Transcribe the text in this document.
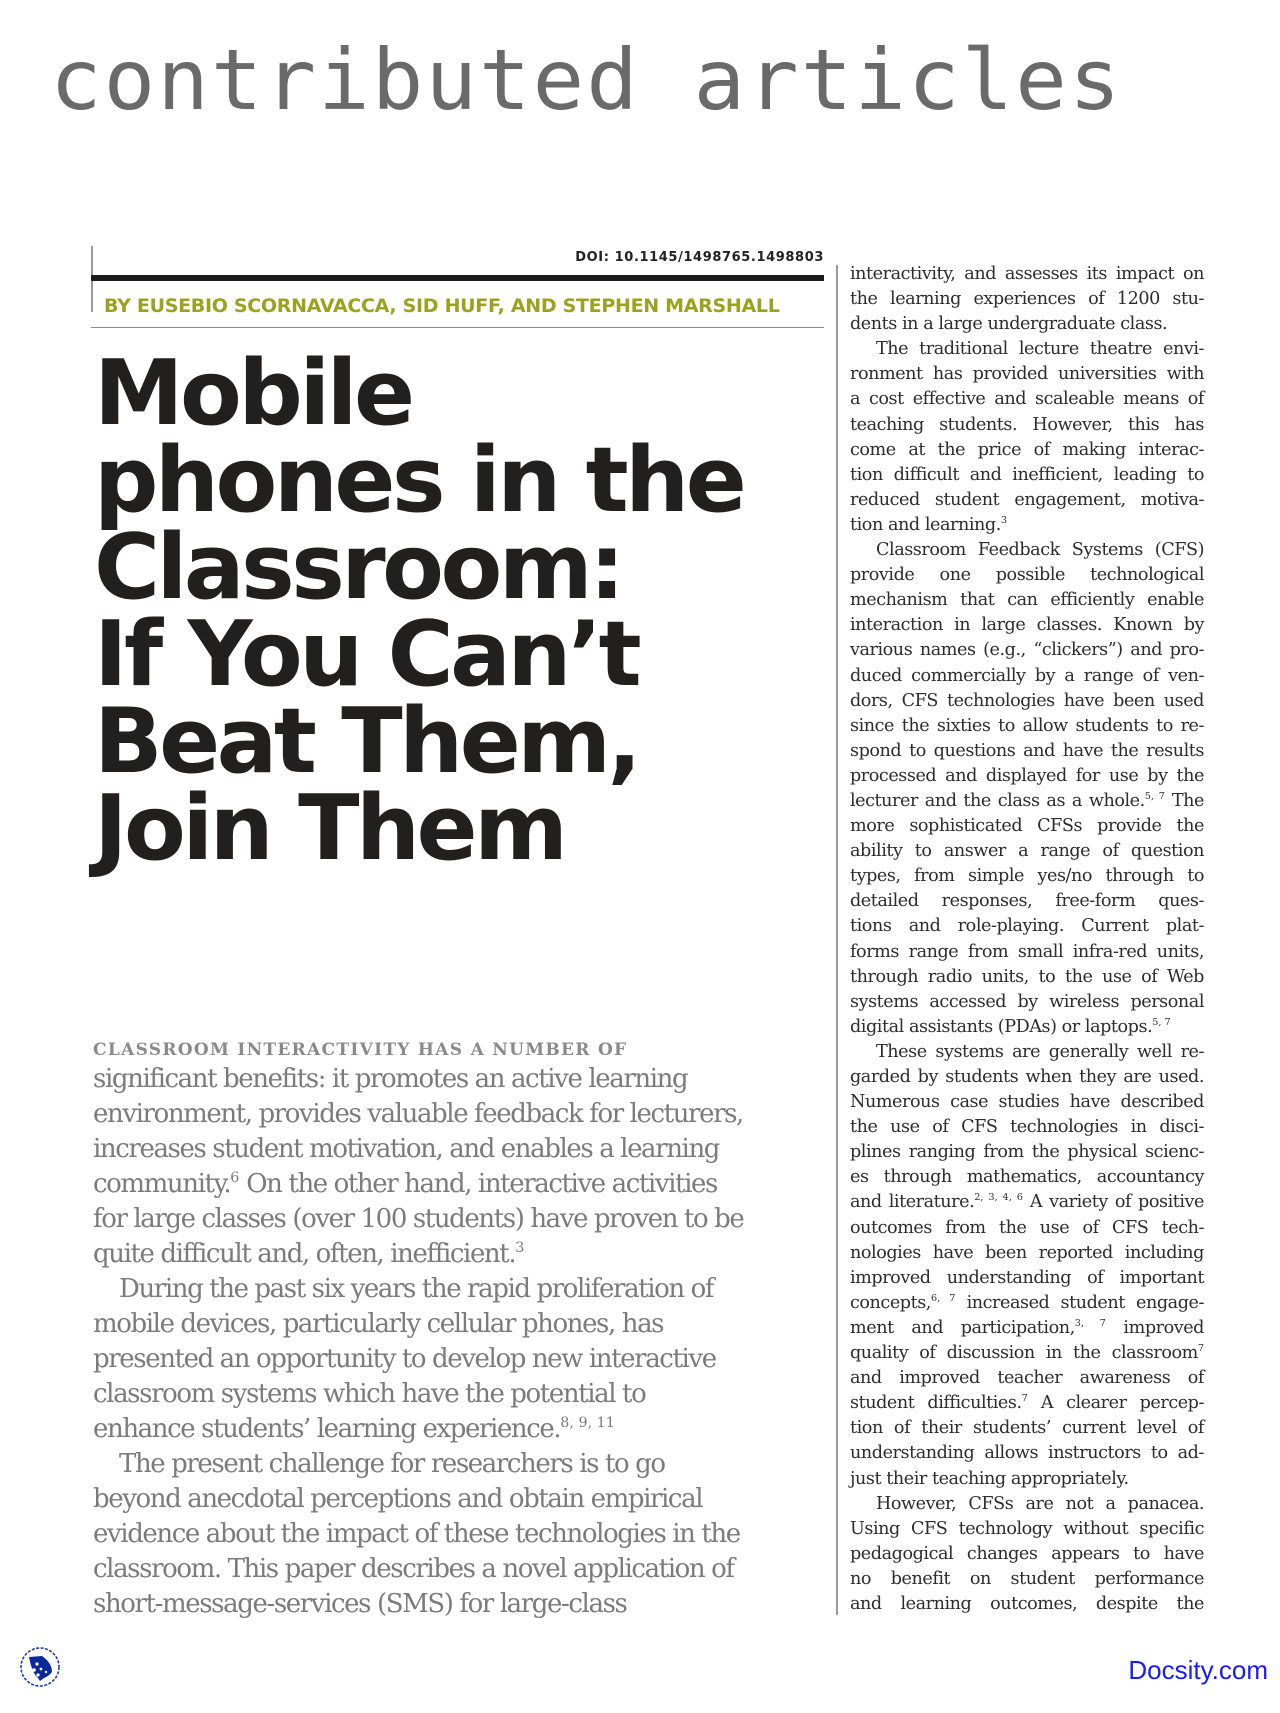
contributed articles
DOI: 10.1145/1498765.1498803
BY EUSEBIO SCORNAVACCA, SID HUFF, AND STEPHEN MARSHALL
Mobile
phones in the
Classroom:
If You Can’t
Beat Them,
Join Them
CLASSROOM INTERACTIVITY HAS A NUMBER OF

significant benefits: it promotes an active learning
environment, provides valuable feedback for lecturers,
increases student motivation, and enables a learning
community.$^6$ On the other hand, interactive activities
for large classes (over 100 students) have proven to be
quite difficult and, often, inefficient.$^3$

During the past six years the rapid proliferation of
mobile devices, particularly cellular phones, has
presented an opportunity to develop new interactive
classroom systems which have the potential to
enhance students’ learning experience.$^{8, 9, 11}$

The present challenge for researchers is to go
beyond anecdotal perceptions and obtain empirical
evidence about the impact of these technologies in the
classroom. This paper describes a novel application of
short-message-services (SMS) for large-class

interactivity, and assesses its impact on
the learning experiences of 1200 stu-
dents in a large undergraduate class.

The traditional lecture theatre envi-
ronment has provided universities with
a cost effective and scaleable means of
teaching students. However, this has
come at the price of making interac-
tion difficult and inefficient, leading to
reduced student engagement, motiva-
tion and learning.$^3$

Classroom Feedback Systems (CFS)
provide one possible technological
mechanism that can efficiently enable
interaction in large classes. Known by
various names (e.g., “clickers”) and pro-
duced commercially by a range of ven-
dors, CFS technologies have been used
since the sixties to allow students to re-
spond to questions and have the results
processed and displayed for use by the
lecturer and the class as a whole.$^{5, 7}$ The
more sophisticated CFSs provide the
ability to answer a range of question
types, from simple yes/no through to
detailed responses, free-form ques-
tions and role-playing. Current plat-
forms range from small infra-red units,
through radio units, to the use of Web
systems accessed by wireless personal
digital assistants (PDAs) or laptops.$^{5, 7}$

These systems are generally well re-
garded by students when they are used.
Numerous case studies have described
the use of CFS technologies in disci-
plines ranging from the physical scienc-
es through mathematics, accountancy
and literature.$^{2, 3, 4, 6}$ A variety of positive
outcomes from the use of CFS tech-
nologies have been reported including
improved understanding of important
concepts,$^{6, 7}$ increased student engage-
ment and participation,$^{3, 7}$ improved
quality of discussion in the classroom$^7$
and improved teacher awareness of
student difficulties.$^7$ A clearer percep-
tion of their students’ current level of
understanding allows instructors to ad-
just their teaching appropriately.

However, CFSs are not a panacea.
Using CFS technology without specific
pedagogical changes appears to have
no benefit on student performance
and learning outcomes, despite the

Docsity.com
